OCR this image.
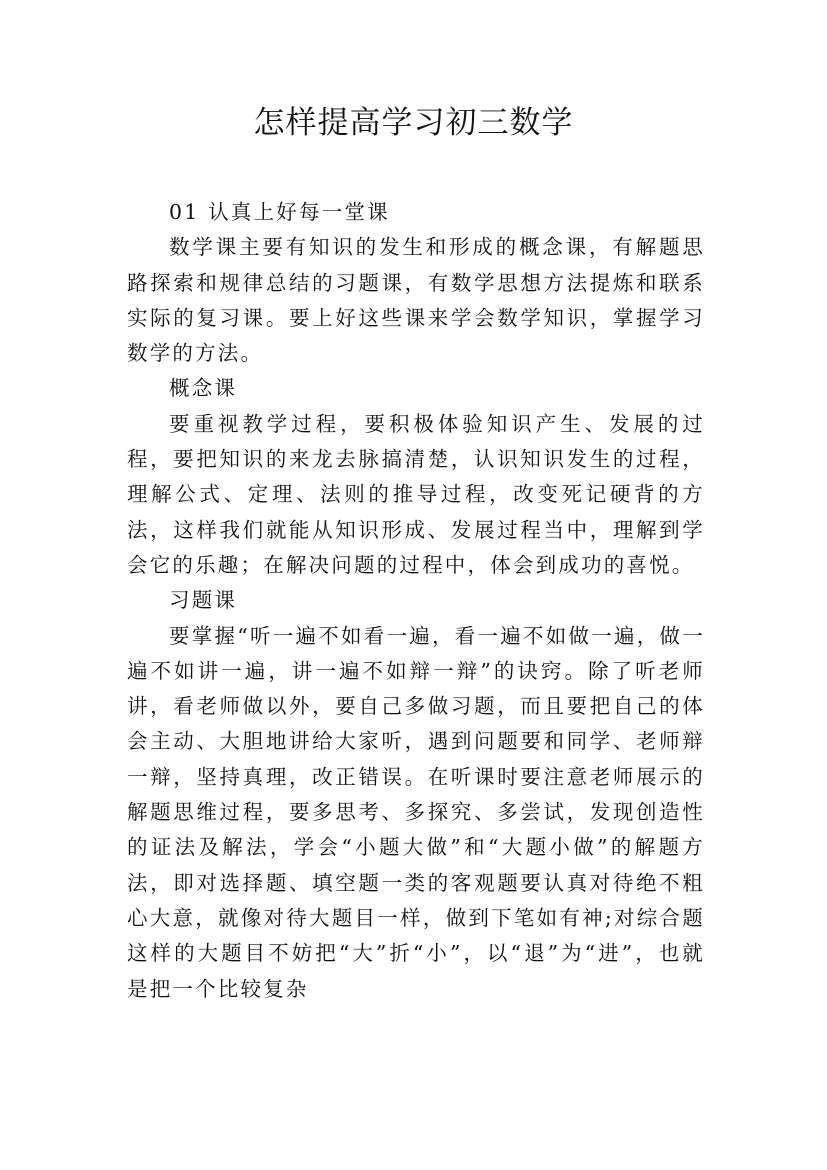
怎样提高学习初三数学

01 认真上好每一堂课

数学课主要有知识的发生和形成的概念课，有解题思路探索和规律总结的习题课，有数学思想方法提炼和联系实际的复习课。要上好这些课来学会数学知识，掌握学习数学的方法。

概念课

要重视教学过程，要积极体验知识产生、发展的过程，要把知识的来龙去脉搞清楚，认识知识发生的过程，理解公式、定理、法则的推导过程，改变死记硬背的方法，这样我们就能从知识形成、发展过程当中，理解到学会它的乐趣；在解决问题的过程中，体会到成功的喜悦。

习题课

要掌握“听一遍不如看一遍，看一遍不如做一遍，做一遍不如讲一遍，讲一遍不如辩一辩”的诀窍。除了听老师讲，看老师做以外，要自己多做习题，而且要把自己的体会主动、大胆地讲给大家听，遇到问题要和同学、老师辩一辩，坚持真理，改正错误。在听课时要注意老师展示的解题思维过程，要多思考、多探究、多尝试，发现创造性的证法及解法，学会“小题大做”和“大题小做”的解题方法，即对选择题、填空题一类的客观题要认真对待绝不粗心大意，就像对待大题目一样，做到下笔如有神;对综合题这样的大题目不妨把“大”折“小”，以“退”为“进”，也就是把一个比较复杂
